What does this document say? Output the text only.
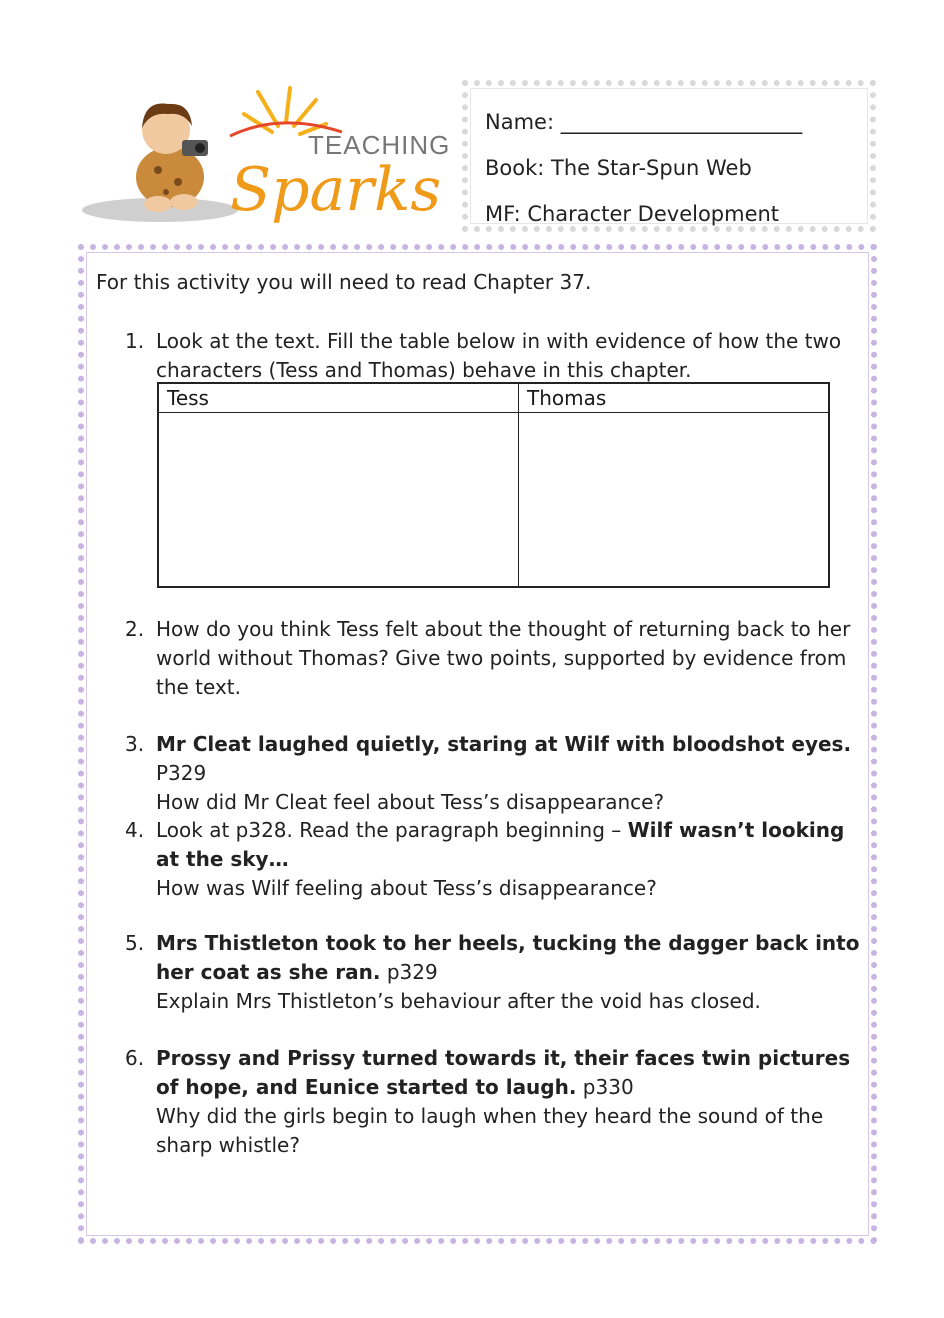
TEACHING
Sparks
Name: _______________________
Book: The Star-Spun Web
MF: Character Development
For this activity you will need to read Chapter 37.
1. Look at the text. Fill the table below in with evidence of how the two characters (Tess and Thomas) behave in this chapter.
Tess	Thomas

2. How do you think Tess felt about the thought of returning back to her world without Thomas? Give two points, supported by evidence from the text.
3. Mr Cleat laughed quietly, staring at Wilf with bloodshot eyes. P329
How did Mr Cleat feel about Tess’s disappearance?
4. Look at p328. Read the paragraph beginning – Wilf wasn’t looking at the sky…
How was Wilf feeling about Tess’s disappearance?
5. Mrs Thistleton took to her heels, tucking the dagger back into her coat as she ran. p329
Explain Mrs Thistleton’s behaviour after the void has closed.
6. Prossy and Prissy turned towards it, their faces twin pictures of hope, and Eunice started to laugh. p330
Why did the girls begin to laugh when they heard the sound of the sharp whistle?
